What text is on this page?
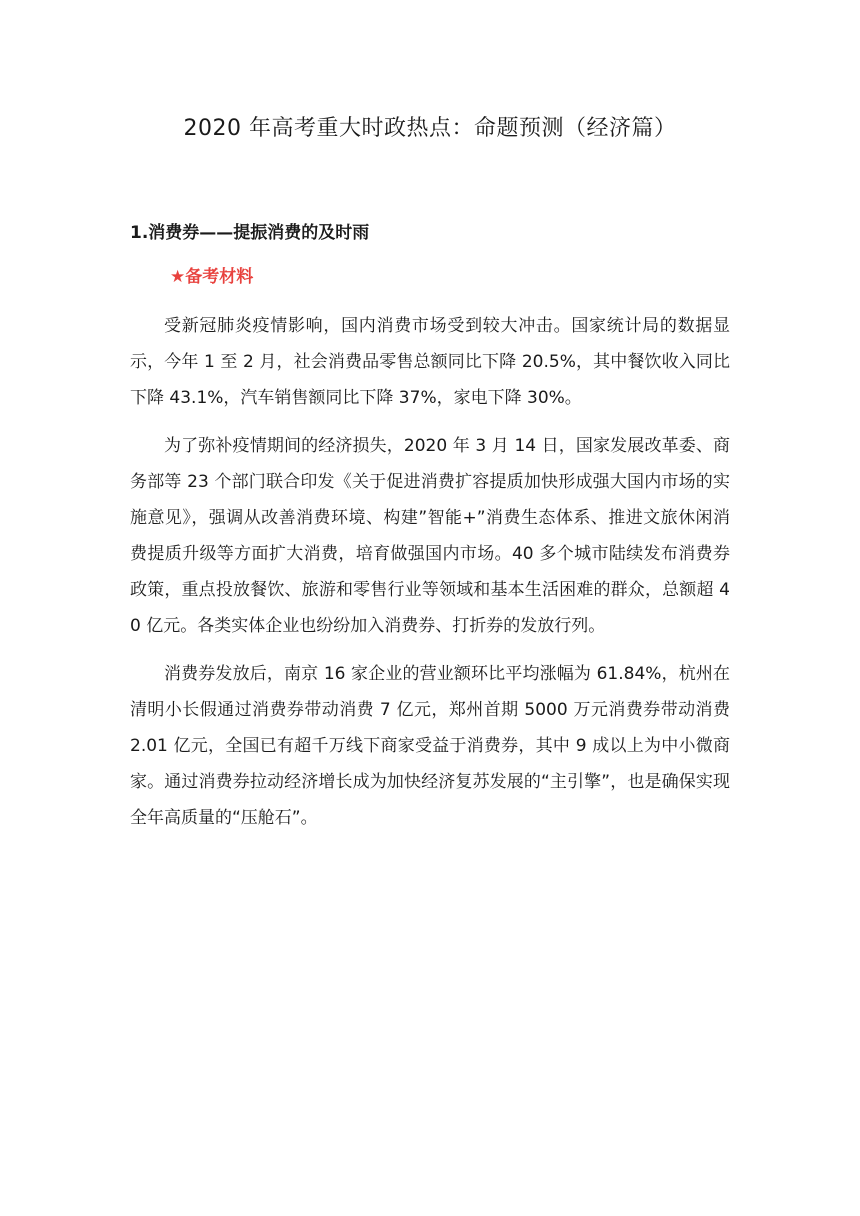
2020 年高考重大时政热点：命题预测（经济篇）
1.消费券——提振消费的及时雨
★备考材料

受新冠肺炎疫情影响，国内消费市场受到较大冲击。国家统计局的数据显示，今年 1 至 2 月，社会消费品零售总额同比下降 20.5%，其中餐饮收入同比下降 43.1%，汽车销售额同比下降 37%，家电下降 30%。

为了弥补疫情期间的经济损失，2020 年 3 月 14 日，国家发展改革委、商务部等 23 个部门联合印发《关于促进消费扩容提质加快形成强大国内市场的实施意见》，强调从改善消费环境、构建”智能+”消费生态体系、推进文旅休闲消费提质升级等方面扩大消费，培育做强国内市场。40 多个城市陆续发布消费券政策，重点投放餐饮、旅游和零售行业等领域和基本生活困难的群众，总额超 40 亿元。各类实体企业也纷纷加入消费券、打折券的发放行列。

消费券发放后，南京 16 家企业的营业额环比平均涨幅为 61.84%，杭州在清明小长假通过消费券带动消费 7 亿元，郑州首期 5000 万元消费券带动消费 2.01 亿元，全国已有超千万线下商家受益于消费券，其中 9 成以上为中小微商家。通过消费券拉动经济增长成为加快经济复苏发展的“主引擎”，也是确保实现全年高质量的“压舱石”。
